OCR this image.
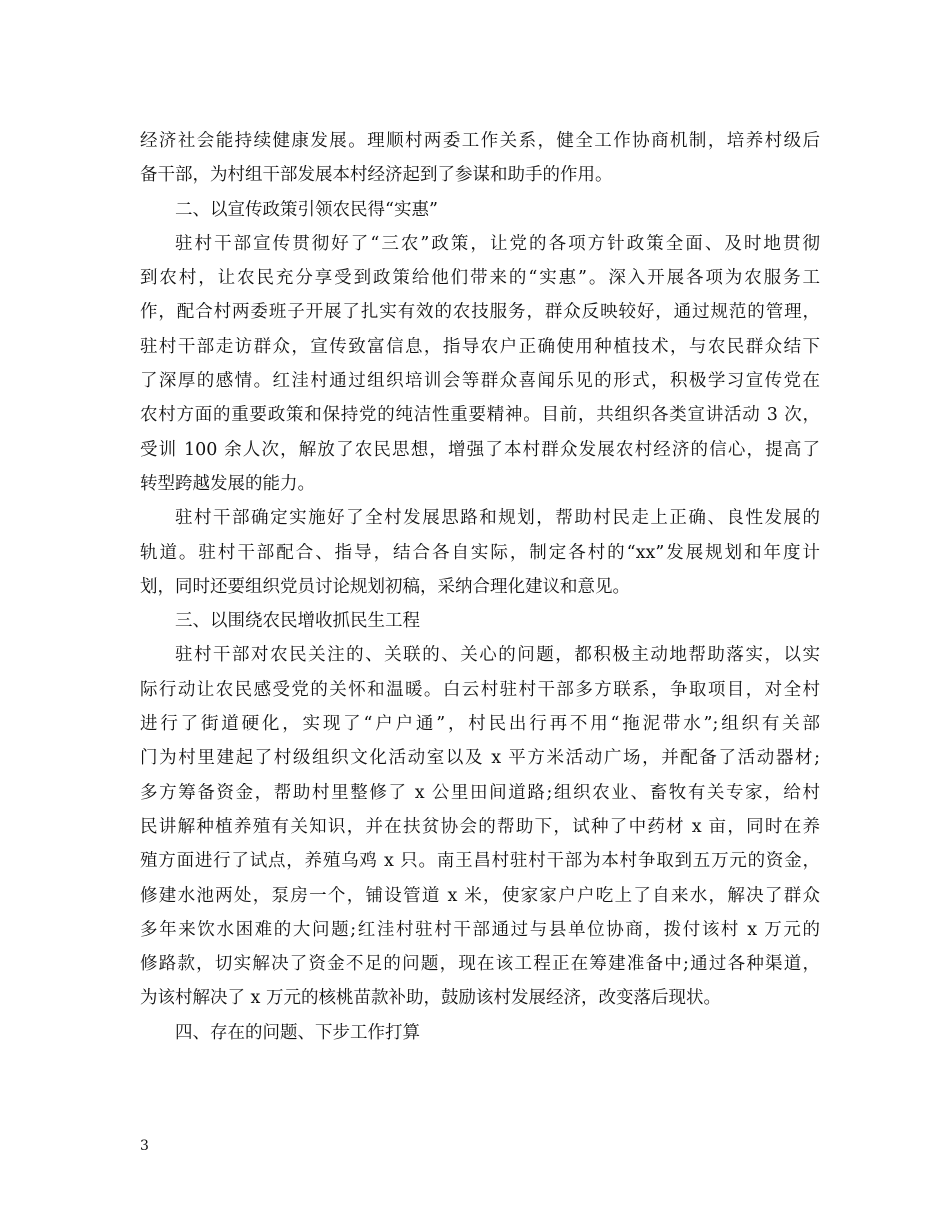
经济社会能持续健康发展。理顺村两委工作关系，健全工作协商机制，培养村级后
备干部，为村组干部发展本村经济起到了参谋和助手的作用。
二、以宣传政策引领农民得“实惠”
驻村干部宣传贯彻好了“三农”政策，让党的各项方针政策全面、及时地贯彻
到农村，让农民充分享受到政策给他们带来的“实惠”。深入开展各项为农服务工
作，配合村两委班子开展了扎实有效的农技服务，群众反映较好，通过规范的管理，
驻村干部走访群众，宣传致富信息，指导农户正确使用种植技术，与农民群众结下
了深厚的感情。红洼村通过组织培训会等群众喜闻乐见的形式，积极学习宣传党在
农村方面的重要政策和保持党的纯洁性重要精神。目前，共组织各类宣讲活动 3 次，
受训 100 余人次，解放了农民思想，增强了本村群众发展农村经济的信心，提高了
转型跨越发展的能力。
驻村干部确定实施好了全村发展思路和规划，帮助村民走上正确、良性发展的
轨道。驻村干部配合、指导，结合各自实际，制定各村的“xx”发展规划和年度计
划，同时还要组织党员讨论规划初稿，采纳合理化建议和意见。
三、以围绕农民增收抓民生工程
驻村干部对农民关注的、关联的、关心的问题，都积极主动地帮助落实，以实
际行动让农民感受党的关怀和温暖。白云村驻村干部多方联系，争取项目，对全村
进行了街道硬化，实现了“户户通”，村民出行再不用“拖泥带水”;组织有关部
门为村里建起了村级组织文化活动室以及 x 平方米活动广场，并配备了活动器材;
多方筹备资金，帮助村里整修了 x 公里田间道路;组织农业、畜牧有关专家，给村
民讲解种植养殖有关知识，并在扶贫协会的帮助下，试种了中药材 x 亩，同时在养
殖方面进行了试点，养殖乌鸡 x 只。南王昌村驻村干部为本村争取到五万元的资金，
修建水池两处，泵房一个，铺设管道 x 米，使家家户户吃上了自来水，解决了群众
多年来饮水困难的大问题;红洼村驻村干部通过与县单位协商，拨付该村 x 万元的
修路款，切实解决了资金不足的问题，现在该工程正在筹建准备中;通过各种渠道，
为该村解决了 x 万元的核桃苗款补助，鼓励该村发展经济，改变落后现状。
四、存在的问题、下步工作打算
3
